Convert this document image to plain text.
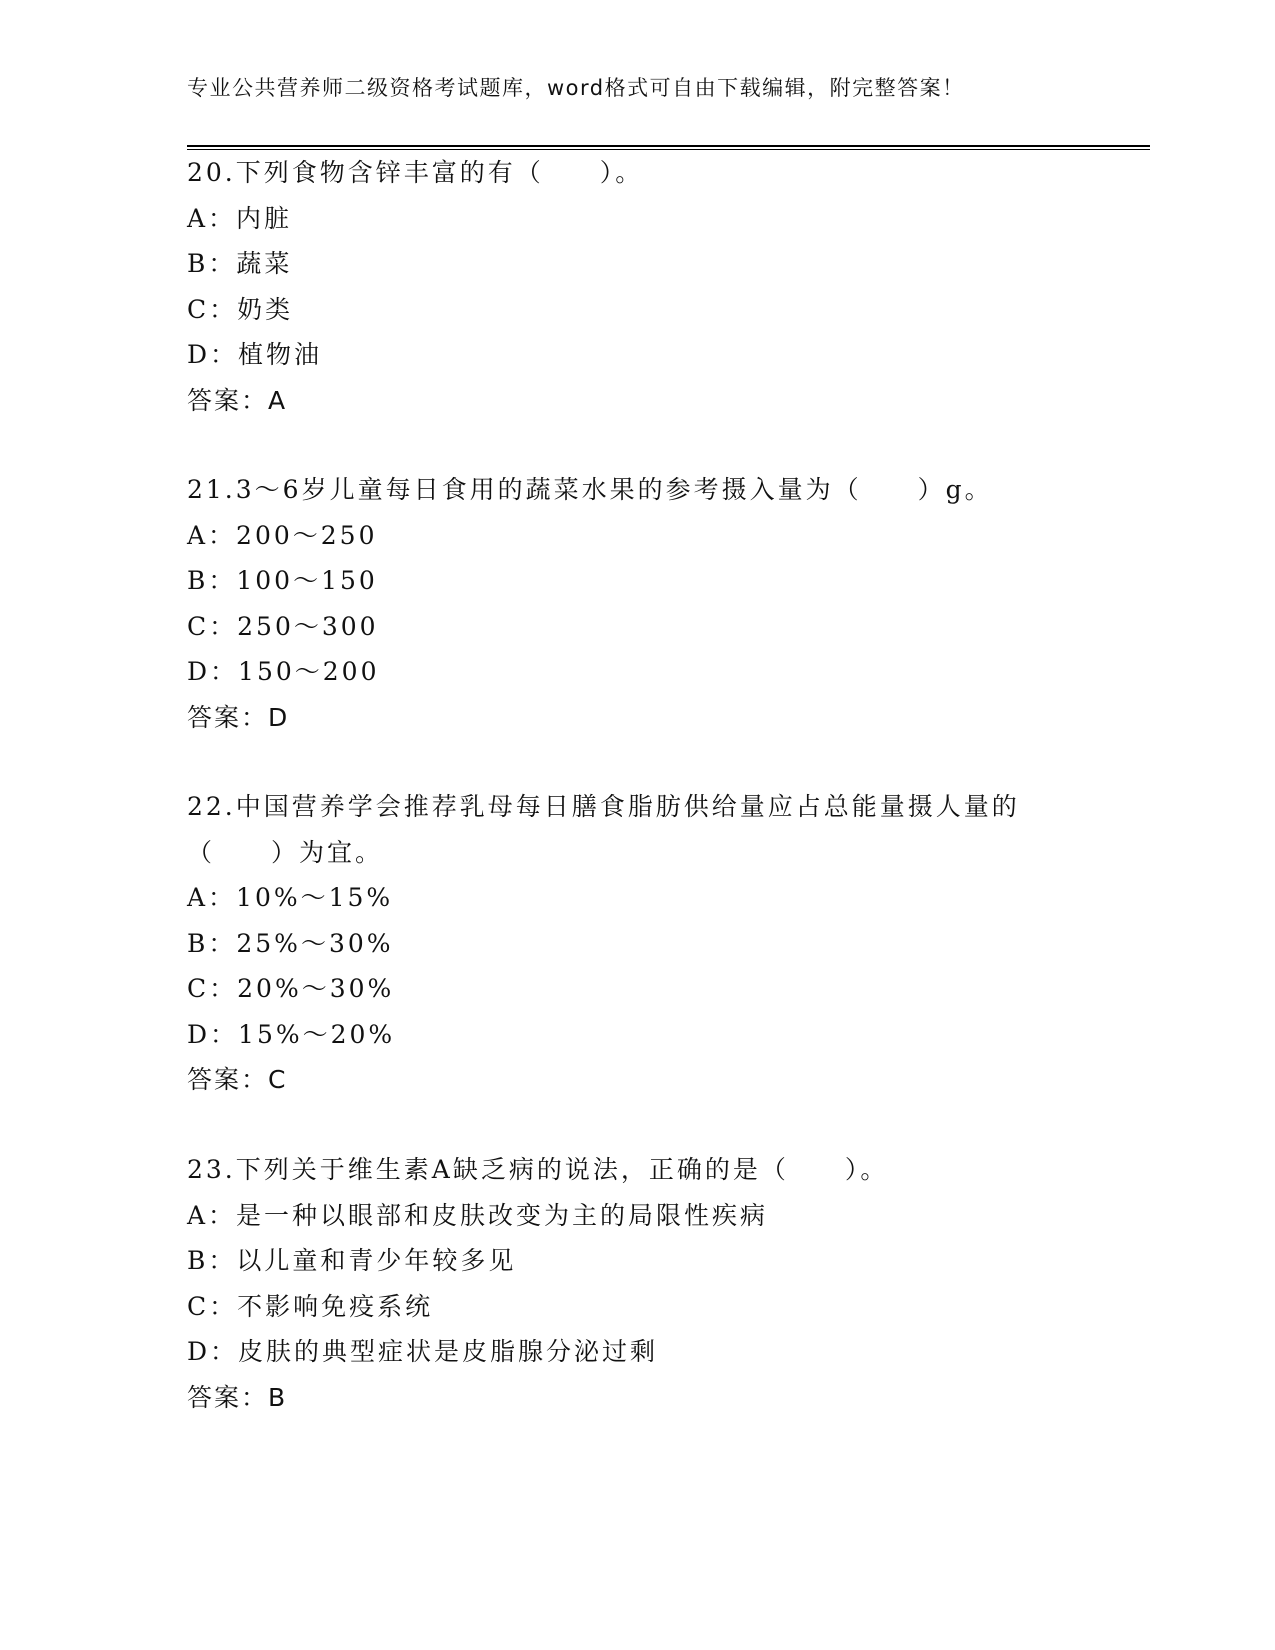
专业公共营养师二级资格考试题库，word格式可自由下载编辑，附完整答案！
20.下列食物含锌丰富的有（　　）。
A：内脏
B：蔬菜
C：奶类
D：植物油
答案：A
21.3～6岁儿童每日食用的蔬菜水果的参考摄入量为（　　）g。
A：200～250
B：100～150
C：250～300
D：150～200
答案：D
22.中国营养学会推荐乳母每日膳食脂肪供给量应占总能量摄人量的（　　）为宜。
A：10%～15%
B：25%～30%
C：20%～30%
D：15%～20%
答案：C
23.下列关于维生素A缺乏病的说法，正确的是（　　）。
A：是一种以眼部和皮肤改变为主的局限性疾病
B：以儿童和青少年较多见
C：不影响免疫系统
D：皮肤的典型症状是皮脂腺分泌过剩
答案：B
